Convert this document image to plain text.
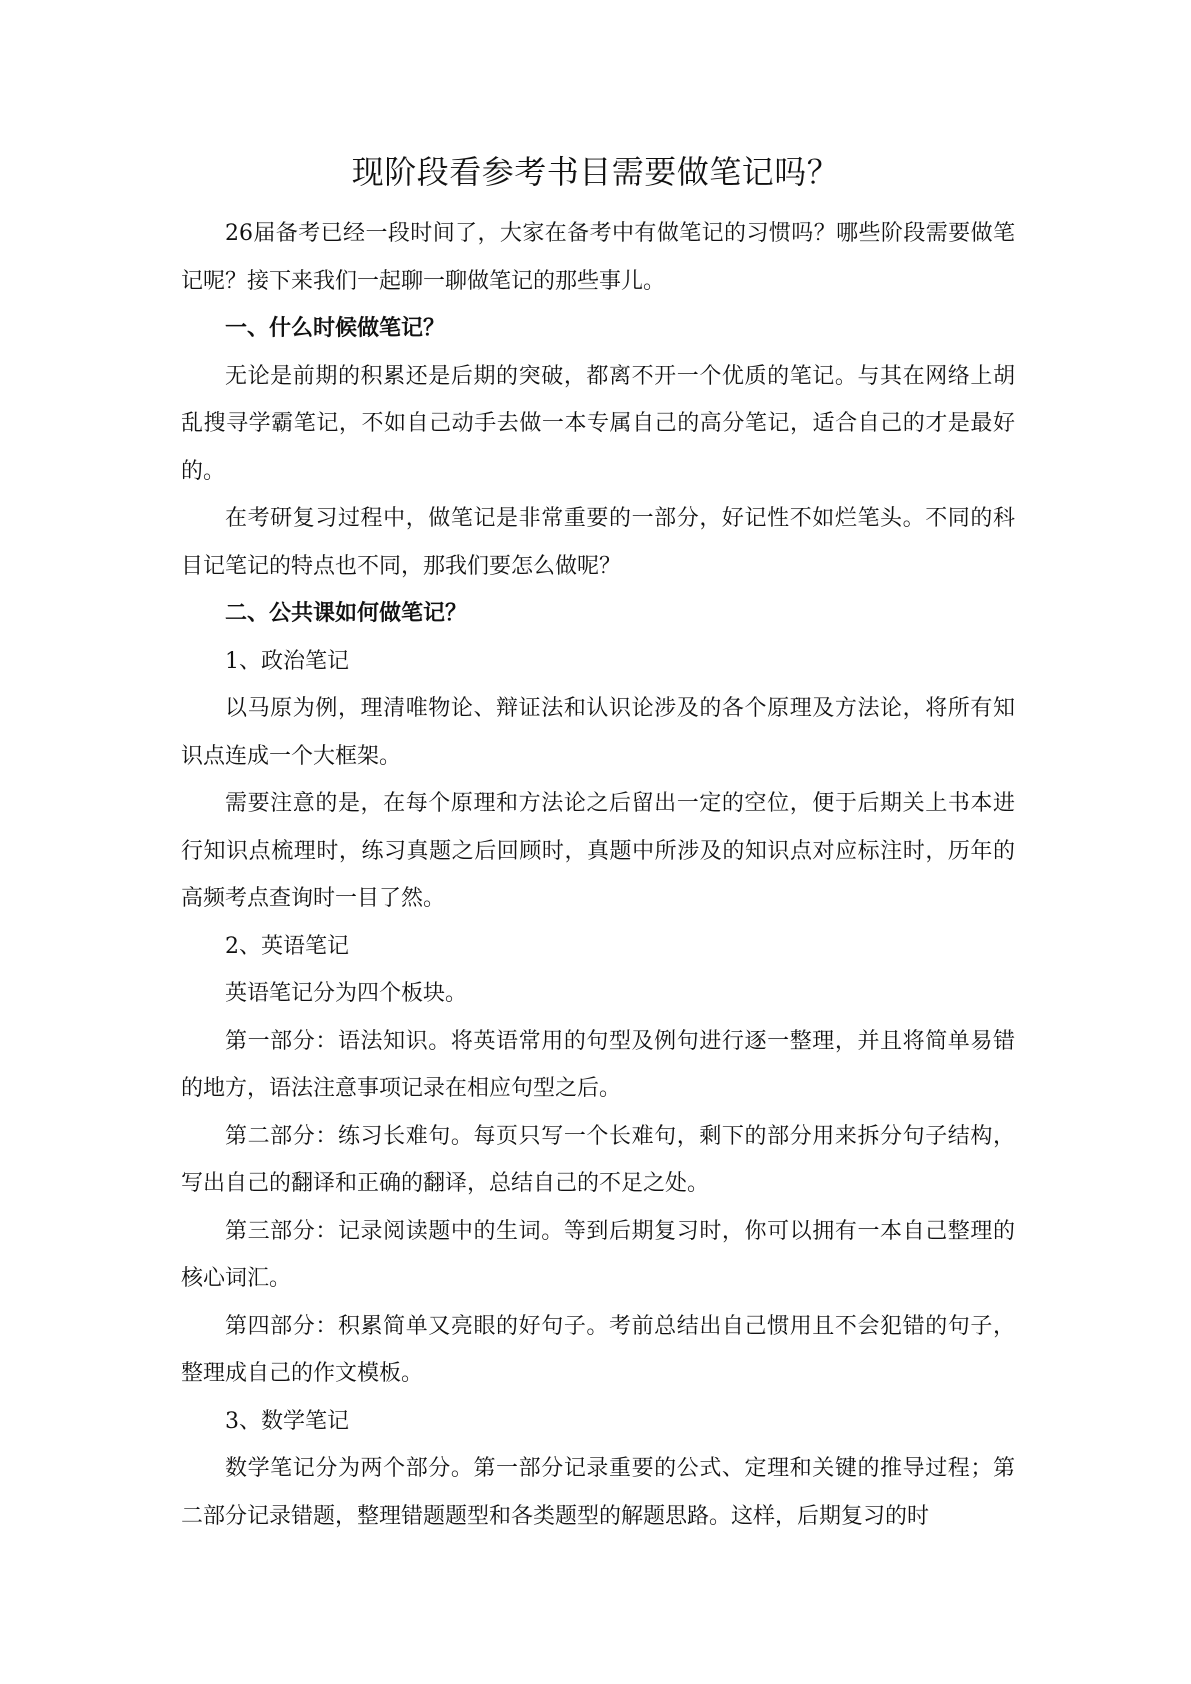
现阶段看参考书目需要做笔记吗？

26届备考已经一段时间了，大家在备考中有做笔记的习惯吗？哪些阶段需要做笔记呢？接下来我们一起聊一聊做笔记的那些事儿。

一、什么时候做笔记？

无论是前期的积累还是后期的突破，都离不开一个优质的笔记。与其在网络上胡乱搜寻学霸笔记，不如自己动手去做一本专属自己的高分笔记，适合自己的才是最好的。

在考研复习过程中，做笔记是非常重要的一部分，好记性不如烂笔头。不同的科目记笔记的特点也不同，那我们要怎么做呢？

二、公共课如何做笔记？

1、政治笔记

以马原为例，理清唯物论、辩证法和认识论涉及的各个原理及方法论，将所有知识点连成一个大框架。

需要注意的是，在每个原理和方法论之后留出一定的空位，便于后期关上书本进行知识点梳理时，练习真题之后回顾时，真题中所涉及的知识点对应标注时，历年的高频考点查询时一目了然。

2、英语笔记

英语笔记分为四个板块。

第一部分：语法知识。将英语常用的句型及例句进行逐一整理，并且将简单易错的地方，语法注意事项记录在相应句型之后。

第二部分：练习长难句。每页只写一个长难句，剩下的部分用来拆分句子结构，写出自己的翻译和正确的翻译，总结自己的不足之处。

第三部分：记录阅读题中的生词。等到后期复习时，你可以拥有一本自己整理的核心词汇。

第四部分：积累简单又亮眼的好句子。考前总结出自己惯用且不会犯错的句子，整理成自己的作文模板。

3、数学笔记

数学笔记分为两个部分。第一部分记录重要的公式、定理和关键的推导过程；第二部分记录错题，整理错题题型和各类题型的解题思路。这样，后期复习的时
